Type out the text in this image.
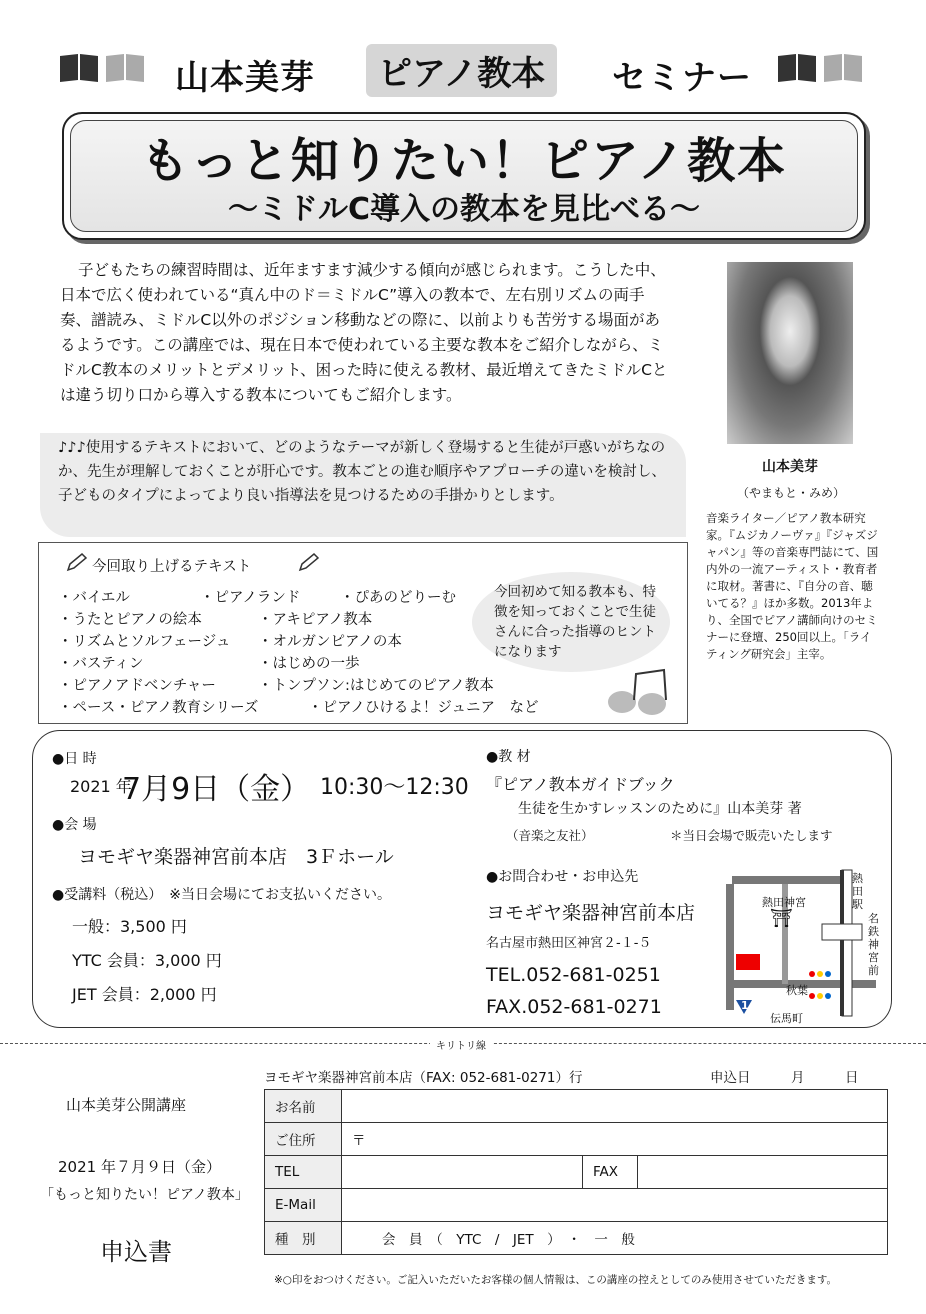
山本美芽	ピアノ教本	セミナー
もっと知りたい！ピアノ教本
〜ミドルC導入の教本を見比べる〜
子どもたちの練習時間は、近年ますます減少する傾向が感じられます。こうした中、日本で広く使われている“真ん中のド＝ミドルC”導入の教本で、左右別リズムの両手奏、譜読み、ミドルC以外のポジション移動などの際に、以前よりも苦労する場面があるようです。この講座では、現在日本で使われている主要な教本をご紹介しながら、ミドルC教本のメリットとデメリット、困った時に使える教材、最近増えてきたミドルCとは違う切り口から導入する教本についてもご紹介します。
♪♪♪使用するテキストにおいて、どのようなテーマが新しく登場すると生徒が戸惑いがちなのか、先生が理解しておくことが肝心です。教本ごとの進む順序やアプローチの違いを検討し、子どものタイプによってより良い指導法を見つけるための手掛かりとします。
今回取り上げるテキスト
・バイエル	・ピアノランド	・ぴあのどりーむ
・うたとピアノの絵本	・アキピアノ教本
・リズムとソルフェージュ ・オルガンピアノの本
・バスティン	・はじめの一歩
・ピアノアドベンチャー	・トンプソン:はじめてのピアノ教本
・ペース・ピアノ教育シリーズ	・ピアノひけるよ！ジュニア　など
今回初めて知る教本も、特徴を知っておくことで生徒さんに合った指導のヒントになります
山本美芽
（やまもと・みめ）
音楽ライター／ピアノ教本研究家。『ムジカノーヴァ』『ジャズジャパン』等の音楽専門誌にて、国内外の一流アーティスト・教育者に取材。著書に、『自分の音、聴いてる？』ほか多数。2013年より、全国でピアノ講師向けのセミナーに登壇、250回以上。「ライティング研究会」主宰。
●日 時
2021 年
7月9日（金） 10:30〜12:30
●会 場
ヨモギヤ楽器神宮前本店　3Ｆホール
●受講料（税込）　※当日会場にてお支払いください。
一般：3,500 円
YTC 会員：3,000 円
JET 会員：2,000 円
●教 材
『ピアノ教本ガイドブック
生徒を生かすレッスンのために』山本美芽 著
（音楽之友社）	＊当日会場で販売いたします
●お問合わせ・お申込先
ヨモギヤ楽器神宮前本店
名古屋市熱田区神宮２-１-５
TEL.052-681-0251
FAX.052-681-0271
熱田駅
名鉄神宮前
熱田神宮
⛩
秋葉
伝馬町
1
キリトリ線
山本美芽公開講座
2021 年７月９日（金）
「もっと知りたい！ピアノ教本」
申込書
ヨモギヤ楽器神宮前本店（FAX: 052-681-0271）行	申込日　　　月　　　日
お名前			
ご住所	〒		
TEL		FAX	
E-Mail			
種　別	会　員　（　YTC　/　JET　）　・　一　般		
※○印をおつけください。ご記入いただいたお客様の個人情報は、この講座の控えとしてのみ使用させていただきます。
